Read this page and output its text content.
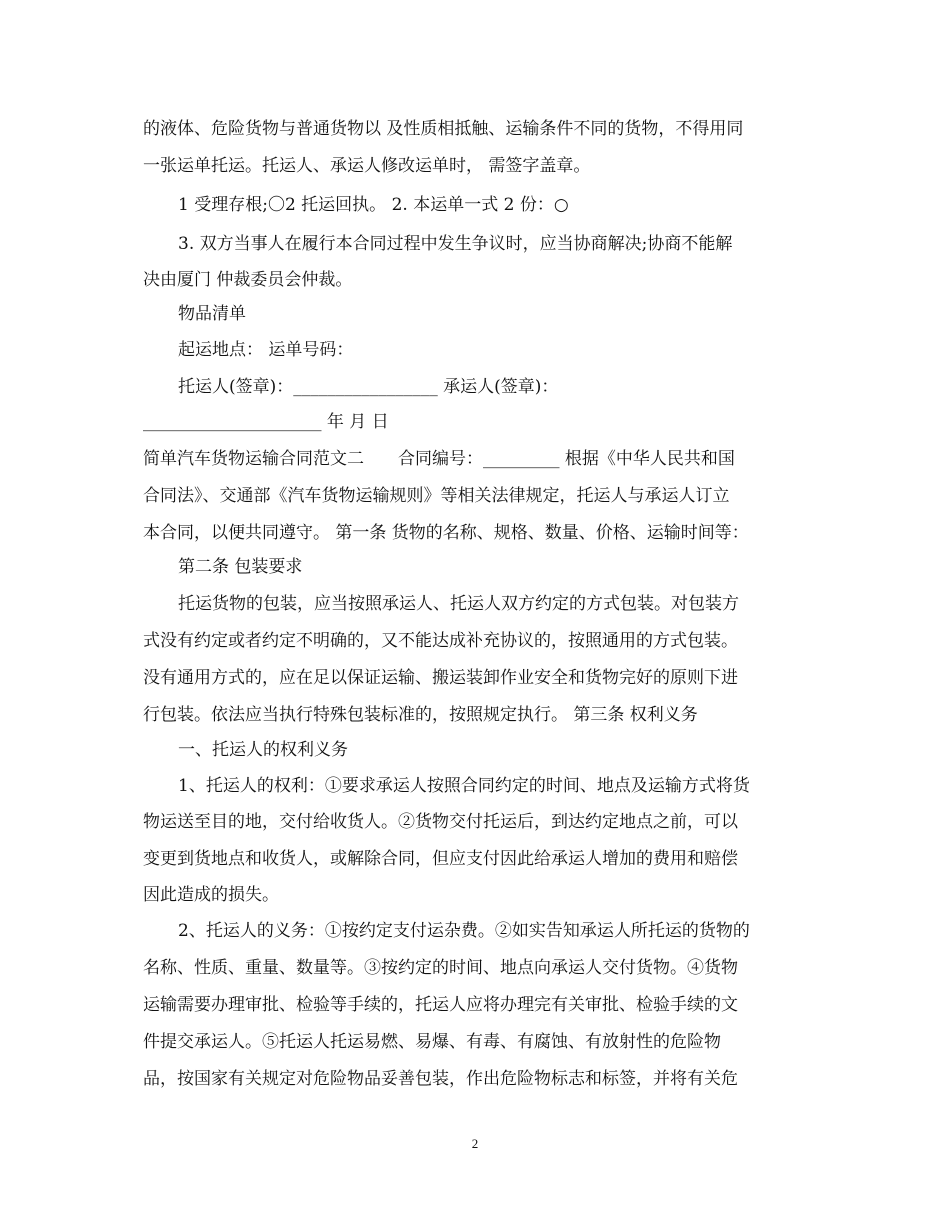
的液体、危险货物与普通货物以 及性质相抵触、运输条件不同的货物，不得用同
一张运单托运。托运人、承运人修改运单时， 需签字盖章。
1 受理存根;〇2 托运回执。 2. 本运单一式 2 份：○
3. 双方当事人在履行本合同过程中发生争议时，应当协商解决;协商不能解
决由厦门 仲裁委员会仲裁。
物品清单
起运地点： 运单号码：
托运人(签章)：_________________ 承运人(签章)：
_____________________ 年 月 日
简单汽车货物运输合同范文二　　合同编号：_________ 根据《中华人民共和国
合同法》、交通部《汽车货物运输规则》等相关法律规定，托运人与承运人订立
本合同，以便共同遵守。 第一条 货物的名称、规格、数量、价格、运输时间等：
第二条 包装要求
托运货物的包装，应当按照承运人、托运人双方约定的方式包装。对包装方
式没有约定或者约定不明确的，又不能达成补充协议的，按照通用的方式包装。
没有通用方式的，应在足以保证运输、搬运装卸作业安全和货物完好的原则下进
行包装。依法应当执行特殊包装标准的，按照规定执行。 第三条 权利义务
一、托运人的权利义务
1、托运人的权利：①要求承运人按照合同约定的时间、地点及运输方式将货
物运送至目的地，交付给收货人。②货物交付托运后，到达约定地点之前，可以
变更到货地点和收货人，或解除合同，但应支付因此给承运人增加的费用和赔偿
因此造成的损失。
2、托运人的义务：①按约定支付运杂费。②如实告知承运人所托运的货物的
名称、性质、重量、数量等。③按约定的时间、地点向承运人交付货物。④货物
运输需要办理审批、检验等手续的，托运人应将办理完有关审批、检验手续的文
件提交承运人。⑤托运人托运易燃、易爆、有毒、有腐蚀、有放射性的危险物
品，按国家有关规定对危险物品妥善包装，作出危险物标志和标签，并将有关危
2
